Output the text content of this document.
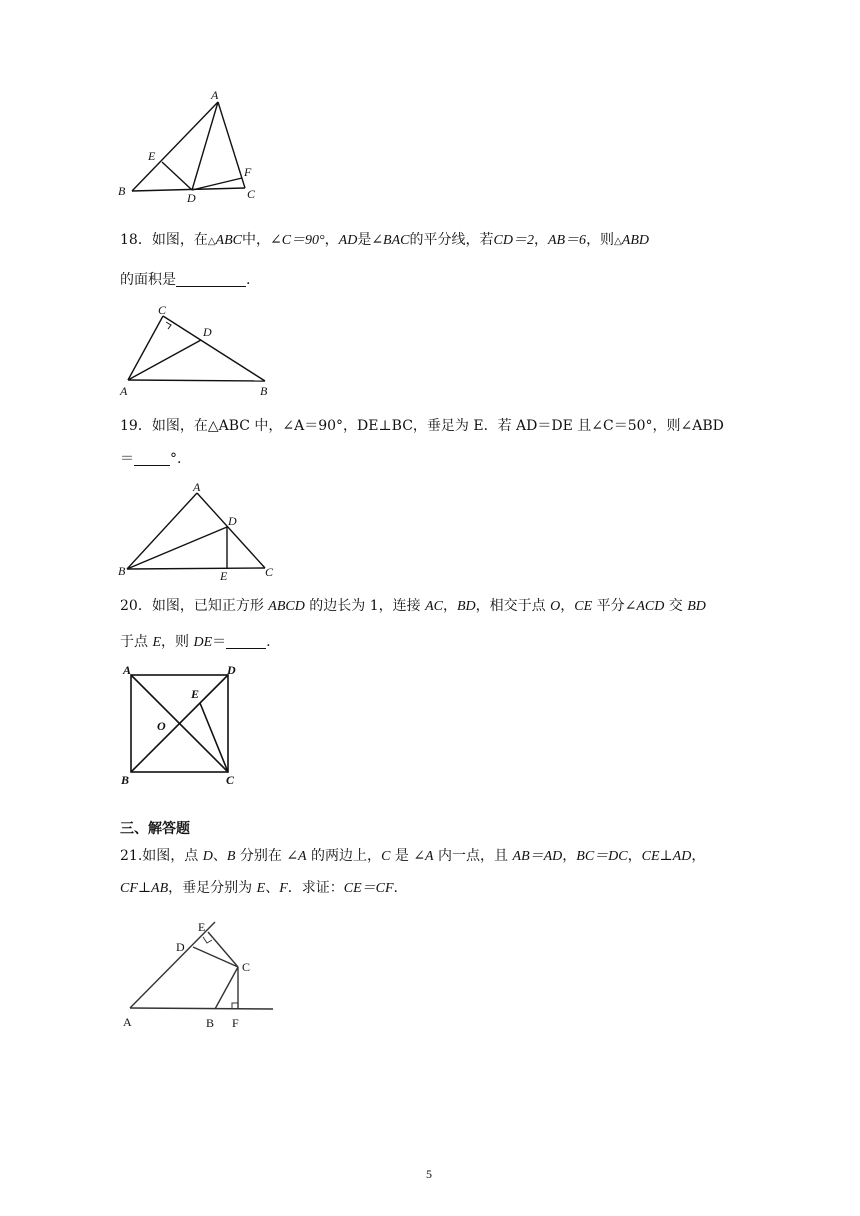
A
B	C
D
E
F
18．如图，在△ABC中，∠C＝90°，AD是∠BAC的平分线，若CD＝2，AB＝6，则△ABD
的面积是	.
C
D
A	B
19．如图，在△ABC 中，∠A＝90°，DE⊥BC，垂足为 E．若 AD＝DE 且∠C＝50°，则∠ABD
＝	°.
A
D
B	E	C
20．如图，已知正方形 ABCD 的边长为 1，连接 AC，BD，相交于点 O，CE 平分∠ACD 交 BD
于点 E，则 DE＝	.
A	D
E
O
B	C
三、解答题
21.如图，点 D、B 分别在 ∠A 的两边上，C 是 ∠A 内一点，且 AB＝AD，BC＝DC，CE⊥AD，
CF⊥AB，垂足分别为 E、F．求证：CE＝CF.
E
D
C
A	B F
5
